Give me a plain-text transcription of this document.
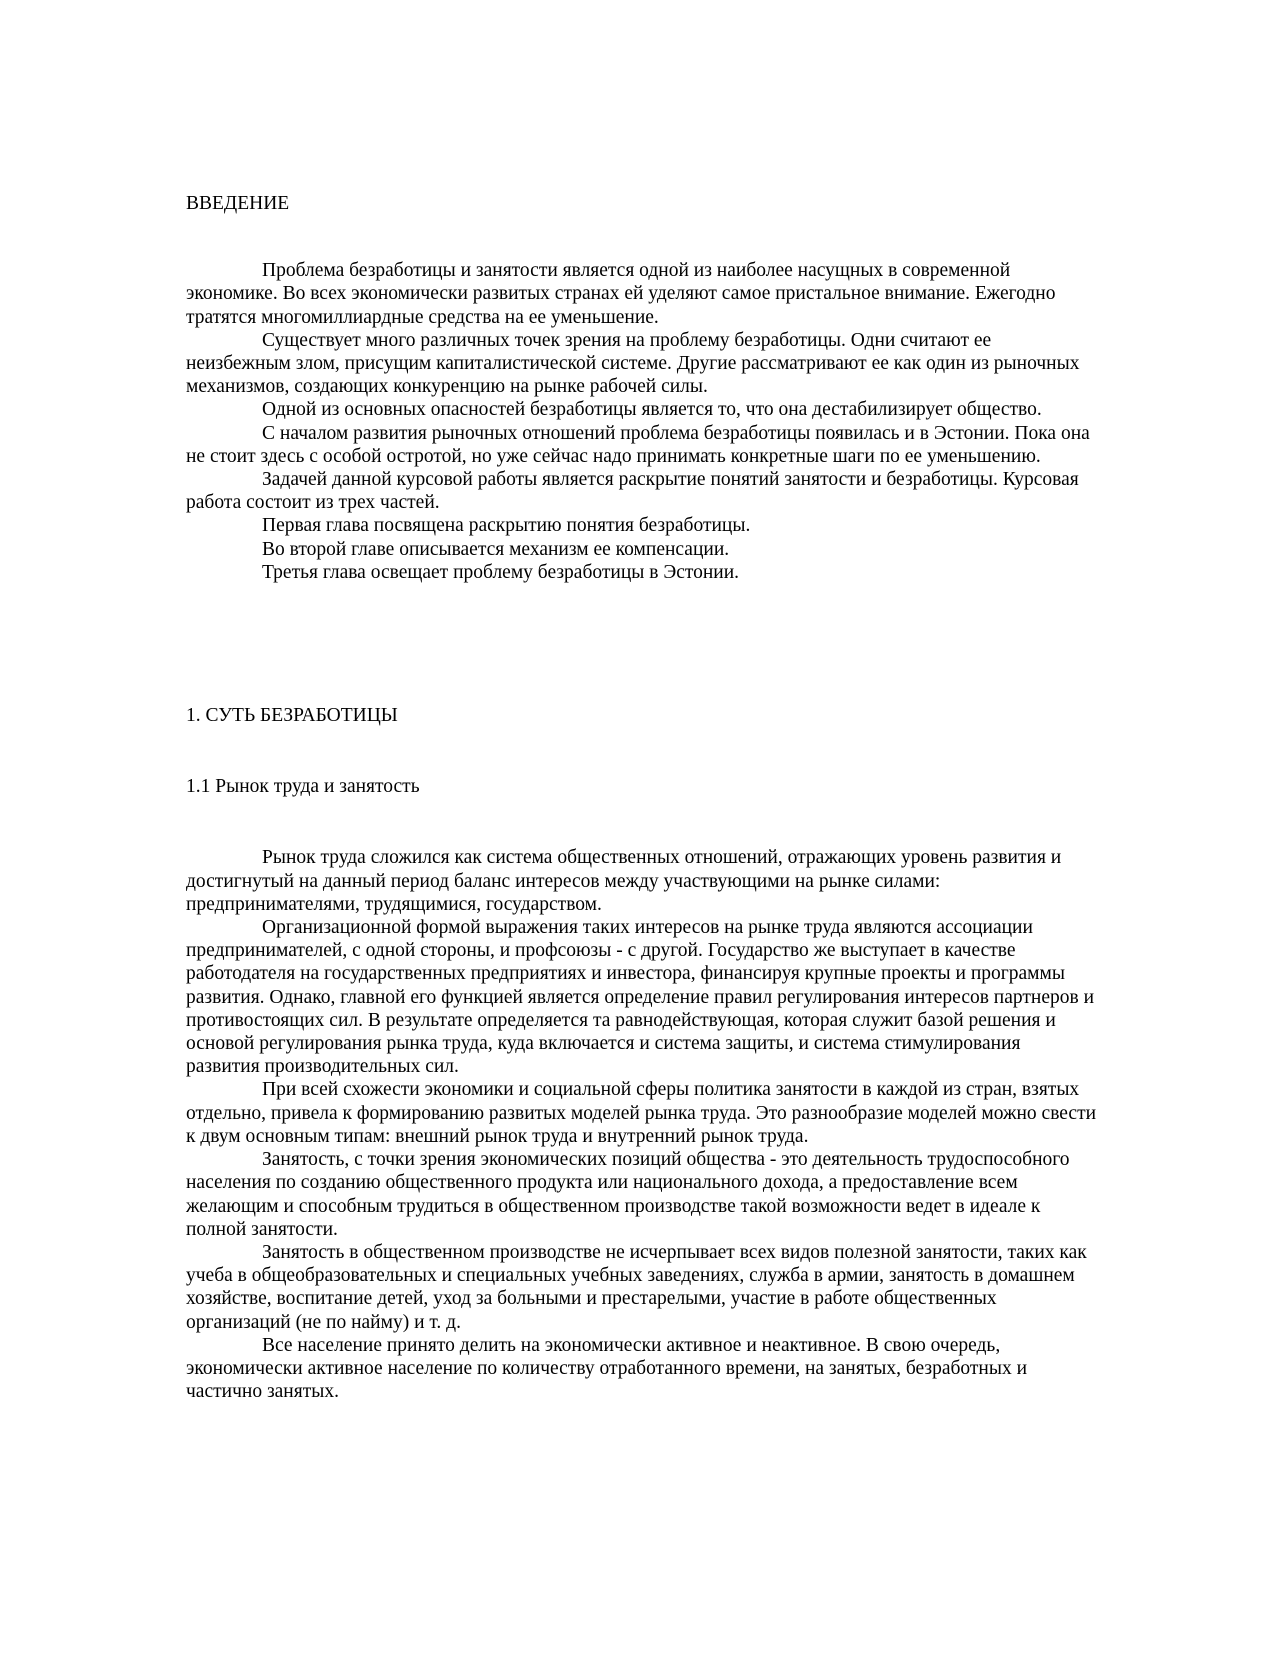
ВВЕДЕНИЕ

Проблема безработицы и занятости является одной из наиболее насущных в современной экономике. Во всех экономически развитых странах ей уделяют самое пристальное внимание. Ежегодно тратятся многомиллиардные средства на ее уменьшение.

Существует много различных точек зрения на проблему безработицы. Одни считают ее неизбежным злом, присущим капиталистической системе. Другие рассматривают ее как один из рыночных механизмов, создающих конкуренцию на рынке рабочей силы.

Одной из основных опасностей безработицы является то, что она дестабилизирует общество.

С началом развития рыночных отношений проблема безработицы появилась и в Эстонии. Пока она не стоит здесь с особой остротой, но уже сейчас надо принимать конкретные шаги по ее уменьшению.

Задачей данной курсовой работы является раскрытие понятий занятости и безработицы. Курсовая работа состоит из трех частей.

Первая глава посвящена раскрытию понятия безработицы.

Во второй главе описывается механизм ее компенсации.

Третья глава освещает проблему безработицы в Эстонии.

1. СУТЬ БЕЗРАБОТИЦЫ
1.1 Рынок труда и занятость

Рынок труда сложился как система общественных отношений, отражающих уровень развития и достигнутый на данный период баланс интересов между участвующими на рынке силами: предпринимателями, трудящимися, государством.

Организационной формой выражения таких интересов на рынке труда являются ассоциации предпринимателей, с одной стороны, и профсоюзы - с другой. Государство же выступает в качестве работодателя на государственных предприятиях и инвестора, финансируя крупные проекты и программы развития. Однако, главной его функцией является определение правил регулирования интересов партнеров и противостоящих сил. В результате определяется та равнодействующая, которая служит базой решения и основой регулирования рынка труда, куда включается и система защиты, и система стимулирования развития производительных сил.

При всей схожести экономики и социальной сферы политика занятости в каждой из стран, взятых отдельно, привела к формированию развитых моделей рынка труда. Это разнообразие моделей можно свести к двум основным типам: внешний рынок труда и внутренний рынок труда.

Занятость, с точки зрения экономических позиций общества - это деятельность трудоспособного населения по созданию общественного продукта или национального дохода, а предоставление всем желающим и способным трудиться в общественном производстве такой возможности ведет в идеале к полной занятости.

Занятость в общественном производстве не исчерпывает всех видов полезной занятости, таких как учеба в общеобразовательных и специальных учебных заведениях, служба в армии, занятость в домашнем хозяйстве, воспитание детей, уход за больными и престарелыми, участие в работе общественных организаций (не по найму) и т. д.

Все население принято делить на экономически активное и неактивное. В свою очередь, экономически активное население по количеству отработанного времени, на занятых, безработных и частично занятых.
